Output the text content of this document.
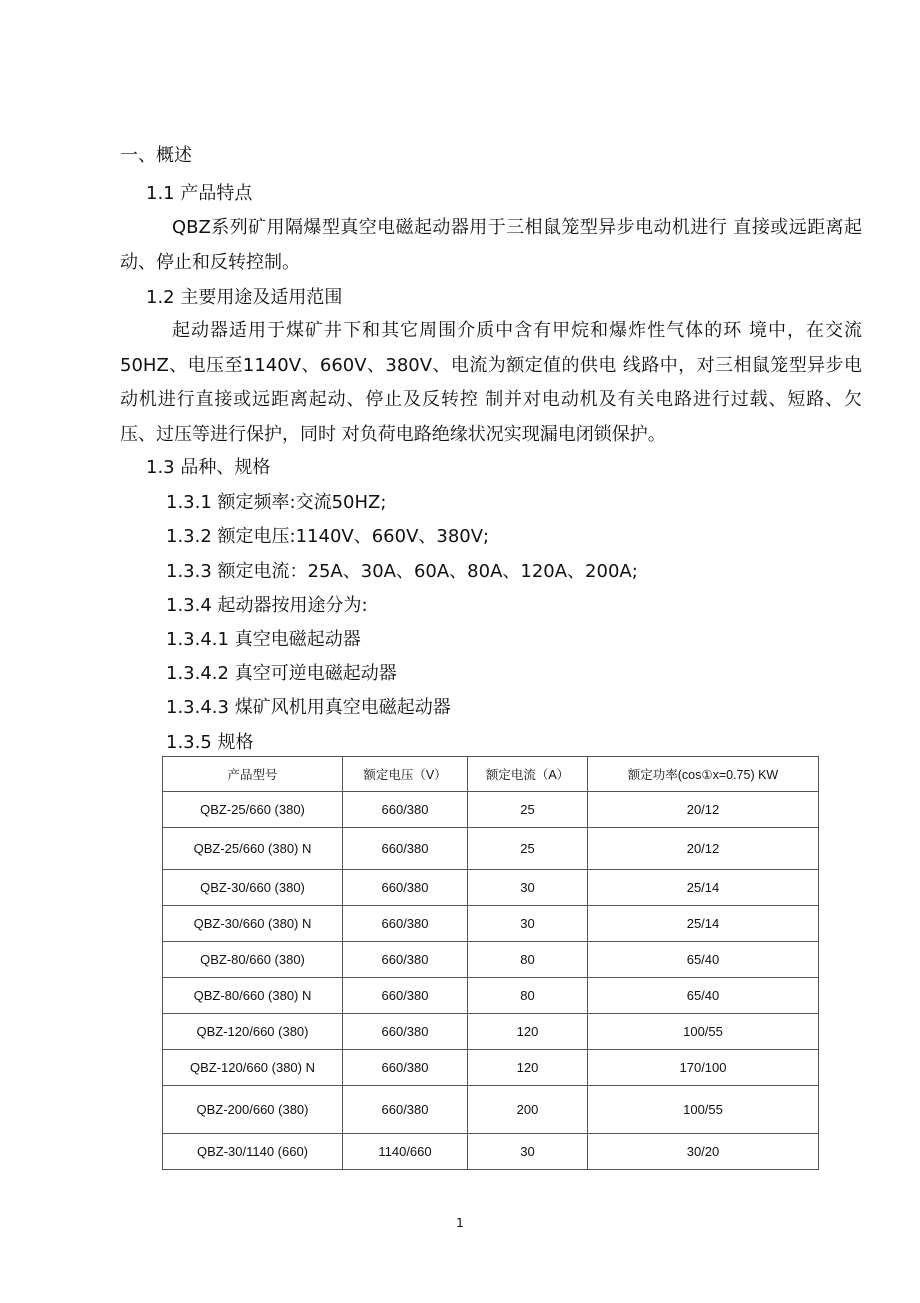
一、概述
1.1 产品特点
QBZ系列矿用隔爆型真空电磁起动器用于三相鼠笼型异步电动机进行 直接或远距离起动、停止和反转控制。
1.2 主要用途及适用范围
起动器适用于煤矿井下和其它周围介质中含有甲烷和爆炸性气体的环 境中，在交流50HZ、电压至1140V、660V、380V、电流为额定值的供电 线路中，对三相鼠笼型异步电动机进行直接或远距离起动、停止及反转控 制并对电动机及有关电路进行过载、短路、欠压、过压等进行保护，同时 对负荷电路绝缘状况实现漏电闭锁保护。
1.3 品种、规格
1.3.1 额定频率:交流50HZ;
1.3.2 额定电压:1140V、660V、380V;
1.3.3 额定电流：25A、30A、60A、80A、120A、200A;
1.3.4 起动器按用途分为:
1.3.4.1 真空电磁起动器
1.3.4.2 真空可逆电磁起动器
1.3.4.3 煤矿风机用真空电磁起动器
1.3.5 规格
产品型号	额定电压（V）	额定电流（A）	额定功率(cos①x=0.75) KW
QBZ-25/660 (380)	660/380	25	20/12
QBZ-25/660 (380) N	660/380	25	20/12
QBZ-30/660 (380)	660/380	30	25/14
QBZ-30/660 (380) N	660/380	30	25/14
QBZ-80/660 (380)	660/380	80	65/40
QBZ-80/660 (380) N	660/380	80	65/40
QBZ-120/660 (380)	660/380	120	100/55
QBZ-120/660 (380) N	660/380	120	170/100
QBZ-200/660 (380)	660/380	200	100/55
QBZ-30/1140 (660)	1140/660	30	30/20
1
